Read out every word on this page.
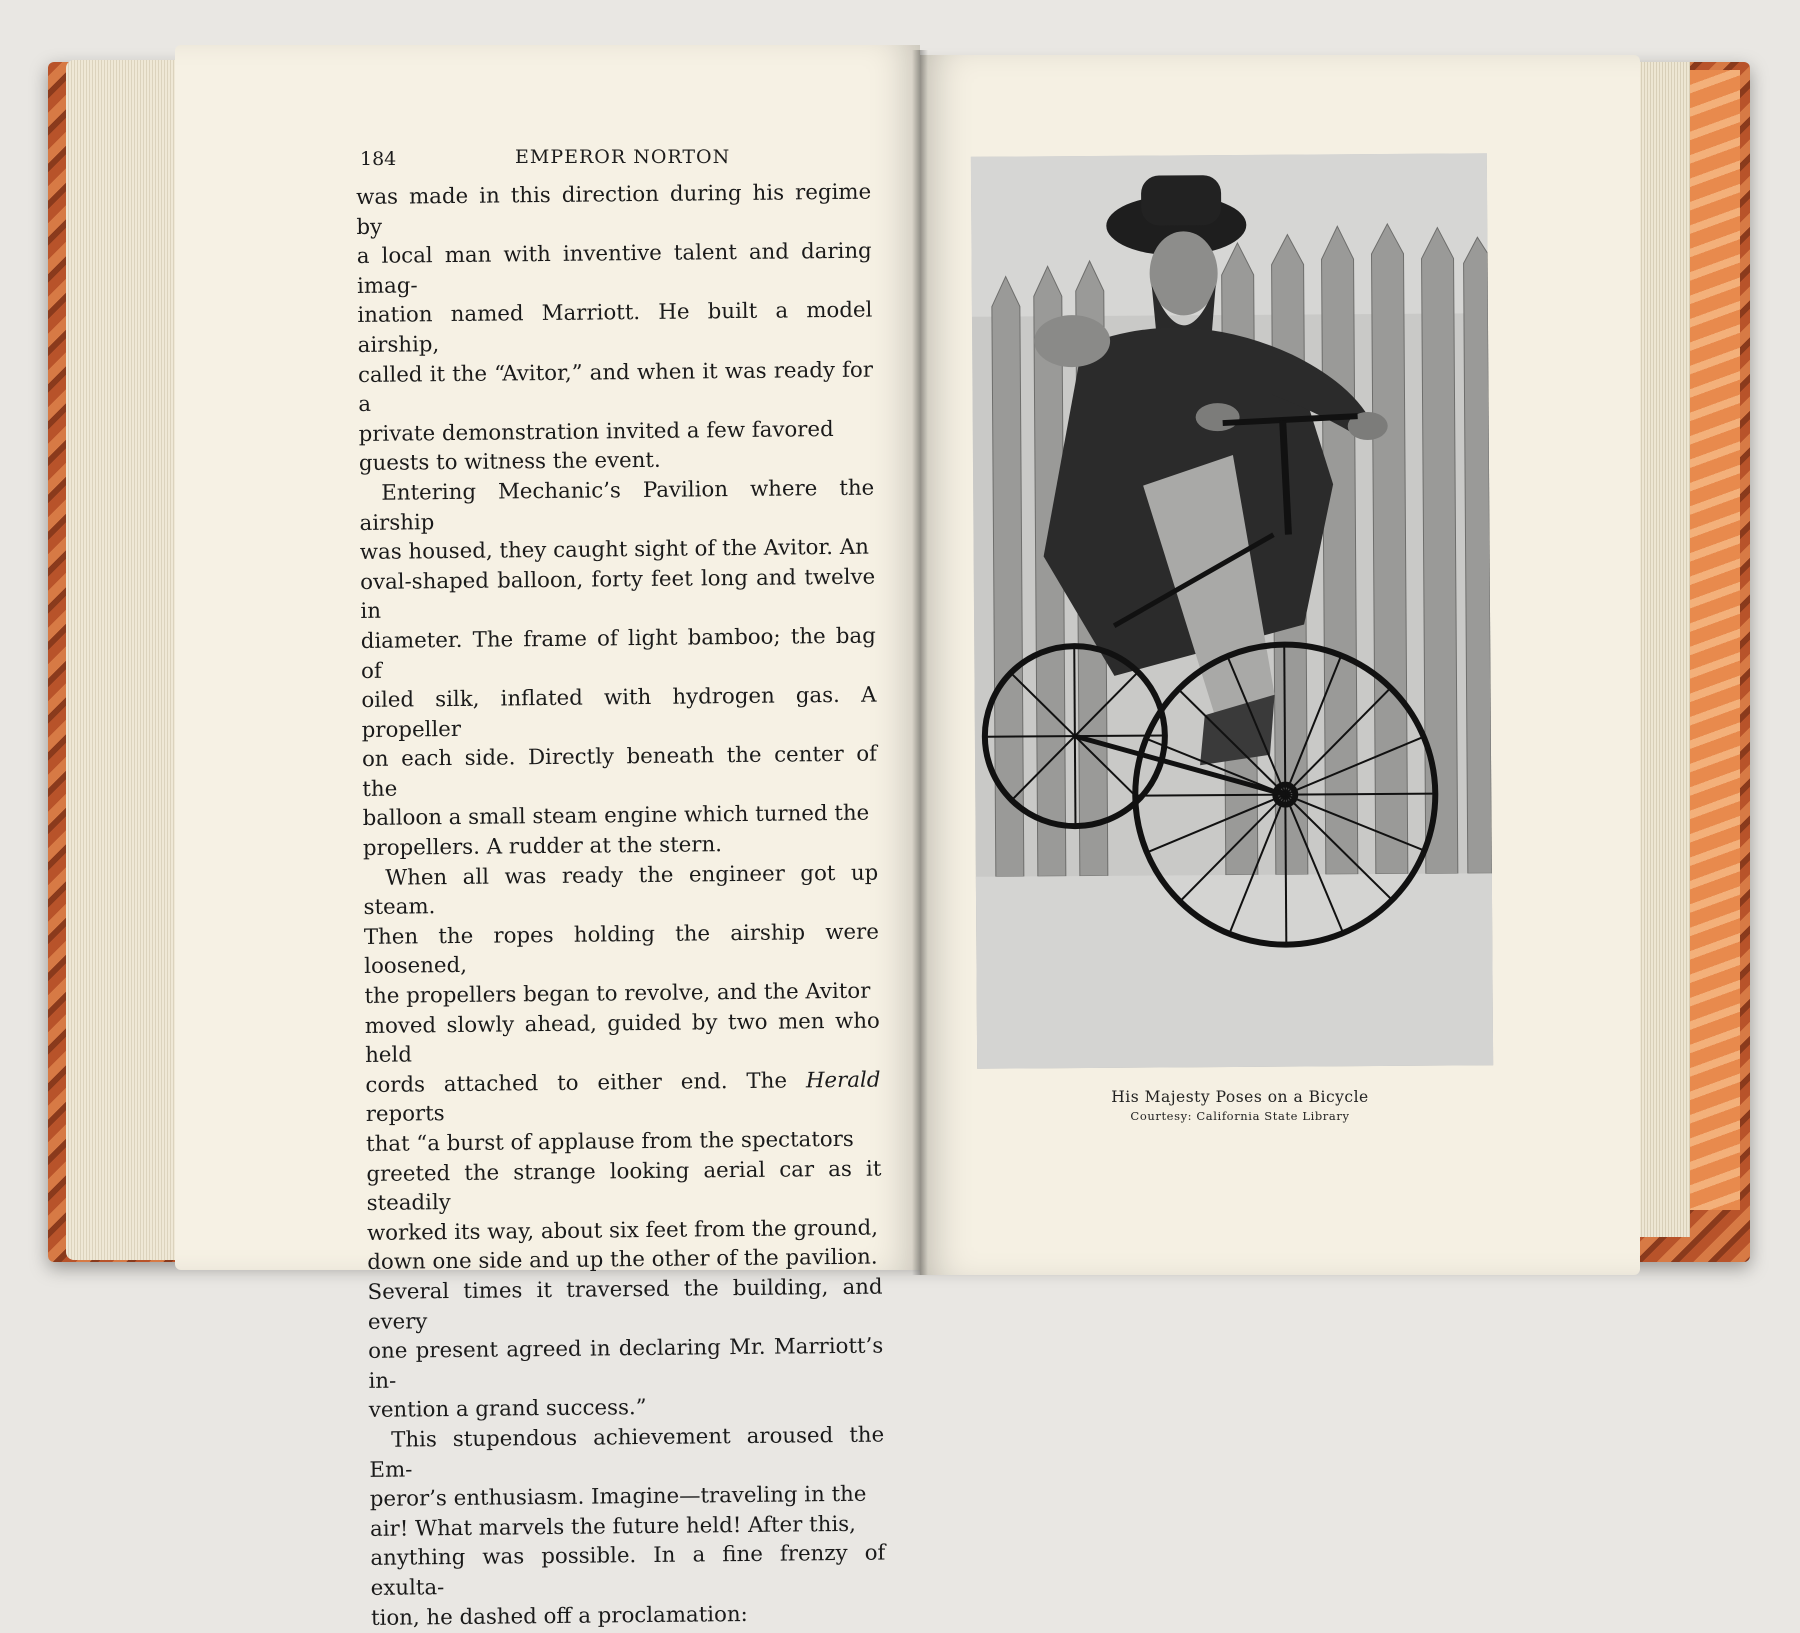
184	EMPEROR NORTON

was made in this direction during his regime by

a local man with inventive talent and daring imag-

ination named Marriott. He built a model airship,

called it the “Avitor,” and when it was ready for a

private demonstration invited a few favored

guests to witness the event.

Entering Mechanic’s Pavilion where the airship

was housed, they caught sight of the Avitor. An

oval-shaped balloon, forty feet long and twelve in

diameter. The frame of light bamboo; the bag of

oiled silk, inflated with hydrogen gas. A propeller

on each side. Directly beneath the center of the

balloon a small steam engine which turned the

propellers. A rudder at the stern.

When all was ready the engineer got up steam.

Then the ropes holding the airship were loosened,

the propellers began to revolve, and the Avitor

moved slowly ahead, guided by two men who held

cords attached to either end. The Herald reports

that “a burst of applause from the spectators

greeted the strange looking aerial car as it steadily

worked its way, about six feet from the ground,

down one side and up the other of the pavilion.

Several times it traversed the building, and every

one present agreed in declaring Mr. Marriott’s in-

vention a grand success.”

This stupendous achievement aroused the Em-

peror’s enthusiasm. Imagine—traveling in the

air! What marvels the future held! After this,

anything was possible. In a fine frenzy of exulta-

tion, he dashed off a proclamation:

His Majesty Poses on a Bicycle
Courtesy: California State Library
